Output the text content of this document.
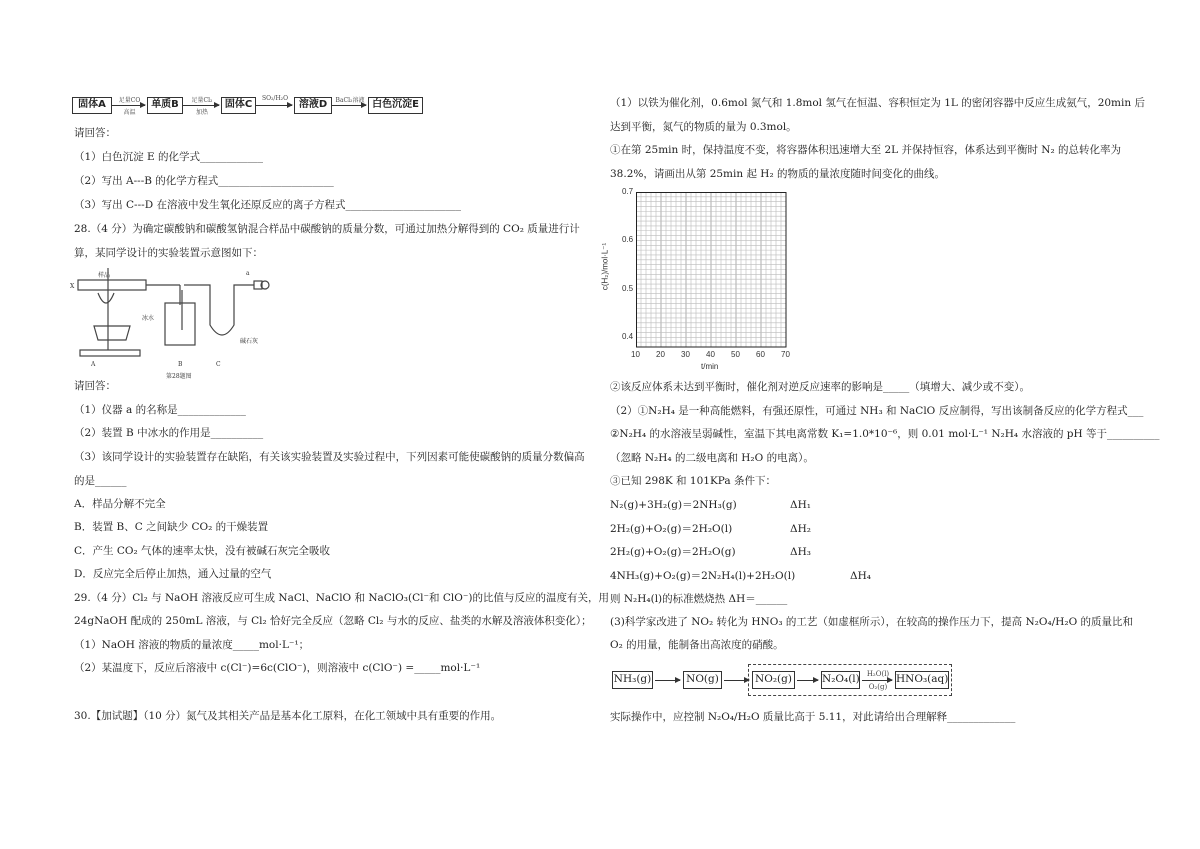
固体A	单质B	固体C	溶液D	白色沉淀E
足量CO
高温
足量Cl₂
加热
SO₂/H₂O	BaCl₂溶液
请回答：
（1）白色沉淀 E 的化学式____________
（2）写出 A---B 的化学方程式______________________
（3）写出 C---D 在溶液中发生氧化还原反应的离子方程式______________________
28.（4 分）为确定碳酸钠和碳酸氢钠混合样品中碳酸钠的质量分数，可通过加热分解得到的 CO₂ 质量进行计
算，某同学设计的实验装置示意图如下：
请回答：
（1）仪器 a 的名称是_____________
（2）装置 B 中冰水的作用是__________
（3）该同学设计的实验装置存在缺陷，有关该实验装置及实验过程中，下列因素可能使碳酸钠的质量分数偏高
的是______
A．样品分解不完全
B．装置 B、C 之间缺少 CO₂ 的干燥装置
C．产生 CO₂ 气体的速率太快，没有被碱石灰完全吸收
D．反应完全后停止加热，通入过量的空气
29.（4 分）Cl₂ 与 NaOH 溶液反应可生成 NaCl、NaClO 和 NaClO₃(Cl⁻和 ClO⁻)的比值与反应的温度有关，用
24gNaOH 配成的 250mL 溶液，与 Cl₂ 恰好完全反应（忽略 Cl₂ 与水的反应、盐类的水解及溶液体积变化）；
（1）NaOH 溶液的物质的量浓度_____mol·L⁻¹；
（2）某温度下，反应后溶液中 c(Cl⁻)=6c(ClO⁻)，则溶液中 c(ClO⁻) =_____mol·L⁻¹
30.【加试题】（10 分）氮气及其相关产品是基本化工原料，在化工领域中具有重要的作用。
X
样品	a
冰水
碱石灰
A	B	C
第28题图
（1）以铁为催化剂，0.6mol 氮气和 1.8mol 氢气在恒温、容积恒定为 1L 的密闭容器中反应生成氨气，20min 后
达到平衡，氮气的物质的量为 0.3mol。
①在第 25min 时，保持温度不变，将容器体积迅速增大至 2L 并保持恒容，体系达到平衡时 N₂ 的总转化率为
38.2%，请画出从第 25min 起 H₂ 的物质的量浓度随时间变化的曲线。
②该反应体系未达到平衡时，催化剂对逆反应速率的影响是_____（填增大、减少或不变）。
（2）①N₂H₄ 是一种高能燃料，有强还原性，可通过 NH₃ 和 NaClO 反应制得，写出该制备反应的化学方程式___
②N₂H₄ 的水溶液呈弱碱性，室温下其电离常数 K₁=1.0*10⁻⁶，则 0.01 mol·L⁻¹ N₂H₄ 水溶液的 pH 等于__________
（忽略 N₂H₄ 的二级电离和 H₂O 的电离）。
③已知 298K 和 101KPa 条件下：
N₂(g)+3H₂(g)＝2NH₃(g)	ΔH₁
2H₂(g)+O₂(g)＝2H₂O(l)	ΔH₂
2H₂(g)+O₂(g)＝2H₂O(g)	ΔH₃
4NH₃(g)+O₂(g)＝2N₂H₄(l)+2H₂O(l)	ΔH₄
则 N₂H₄(l)的标准燃烧热 ΔH＝______
(3)科学家改进了 NO₂ 转化为 HNO₃ 的工艺（如虚框所示），在较高的操作压力下，提高 N₂O₄/H₂O 的质量比和
O₂ 的用量，能制备出高浓度的硝酸。
实际操作中，应控制 N₂O₄/H₂O 质量比高于 5.11，对此请给出合理解释_____________
0.7
0.6
0.5
0.4
10 20 30 40 50 60 70
t/min
c(H₂)/mol·L⁻¹
NH₃(g)	NO(g)	NO₂(g)	N₂O₄(l)	HNO₃(aq)
H₂O(l)
O₂(g)
